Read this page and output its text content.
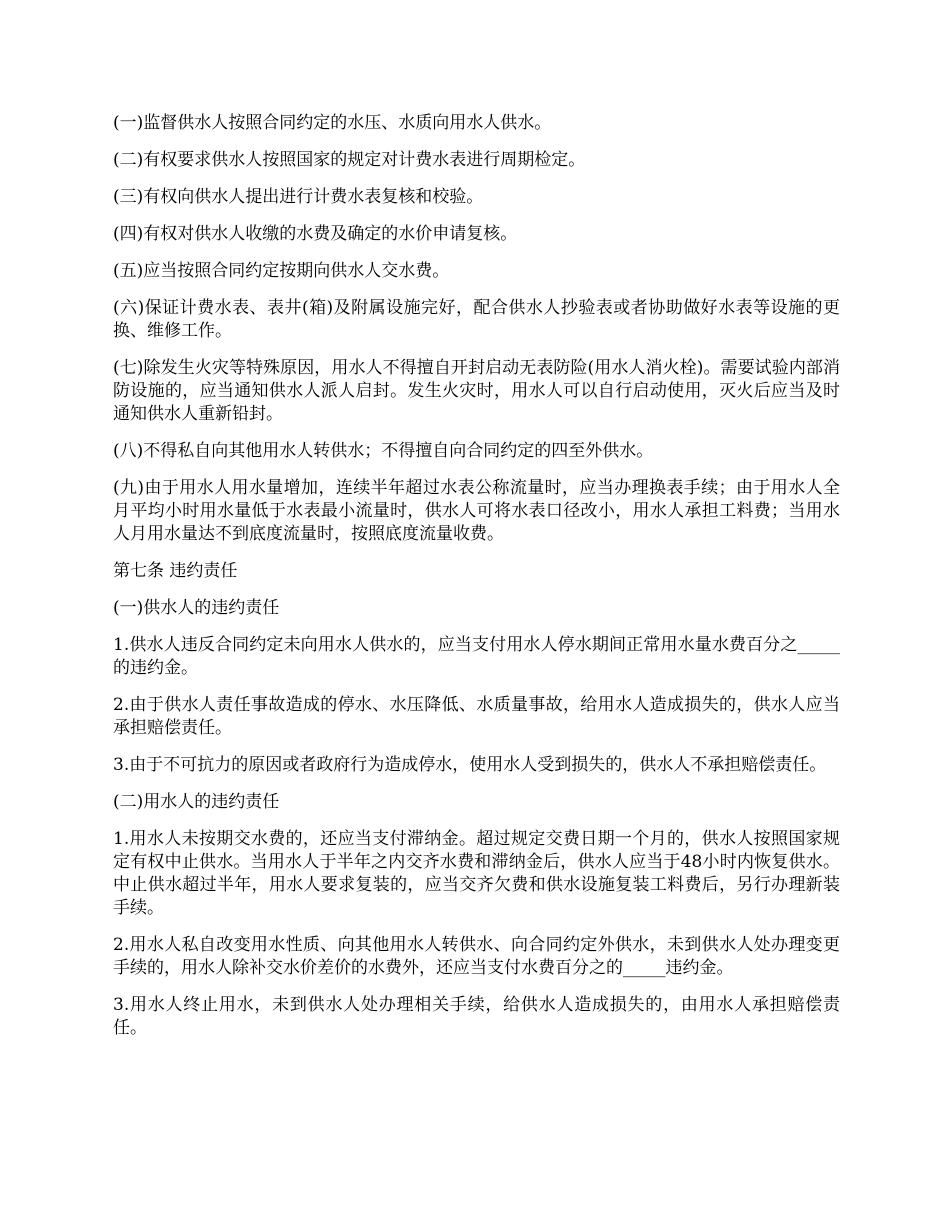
(一)监督供水人按照合同约定的水压、水质向用水人供水。

(二)有权要求供水人按照国家的规定对计费水表进行周期检定。

(三)有权向供水人提出进行计费水表复核和校验。

(四)有权对供水人收缴的水费及确定的水价申请复核。

(五)应当按照合同约定按期向供水人交水费。

(六)保证计费水表、表井(箱)及附属设施完好，配合供水人抄验表或者协助做好水表等设施的更换、维修工作。

(七)除发生火灾等特殊原因，用水人不得擅自开封启动无表防险(用水人消火栓)。需要试验内部消防设施的，应当通知供水人派人启封。发生火灾时，用水人可以自行启动使用，灭火后应当及时通知供水人重新铅封。

(八)不得私自向其他用水人转供水；不得擅自向合同约定的四至外供水。

(九)由于用水人用水量增加，连续半年超过水表公称流量时，应当办理换表手续；由于用水人全月平均小时用水量低于水表最小流量时，供水人可将水表口径改小，用水人承担工料费；当用水人月用水量达不到底度流量时，按照底度流量收费。

第七条 违约责任

(一)供水人的违约责任

1.供水人违反合同约定未向用水人供水的，应当支付用水人停水期间正常用水量水费百分之_____的违约金。

2.由于供水人责任事故造成的停水、水压降低、水质量事故，给用水人造成损失的，供水人应当承担赔偿责任。

3.由于不可抗力的原因或者政府行为造成停水，使用水人受到损失的，供水人不承担赔偿责任。

(二)用水人的违约责任

1.用水人未按期交水费的，还应当支付滞纳金。超过规定交费日期一个月的，供水人按照国家规定有权中止供水。当用水人于半年之内交齐水费和滞纳金后，供水人应当于48小时内恢复供水。中止供水超过半年，用水人要求复装的，应当交齐欠费和供水设施复装工料费后，另行办理新装手续。

2.用水人私自改变用水性质、向其他用水人转供水、向合同约定外供水，未到供水人处办理变更手续的，用水人除补交水价差价的水费外，还应当支付水费百分之的_____违约金。

3.用水人终止用水，未到供水人处办理相关手续，给供水人造成损失的，由用水人承担赔偿责任。
